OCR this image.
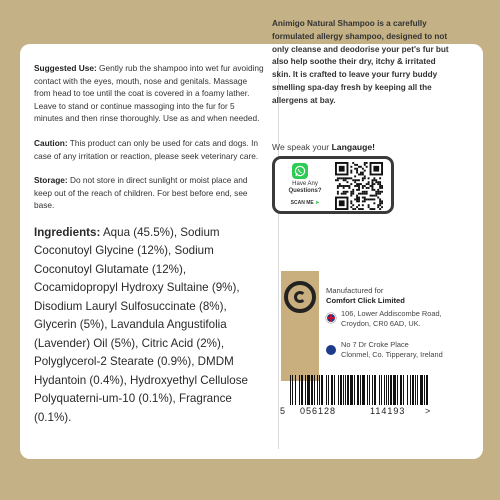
Suggested Use: Gently rub the shampoo into wet fur avoiding contact with the eyes, mouth, nose and genitals. Massage from head to toe until the coat is covered in a foamy lather. Leave to stand or continue massoging into the fur for 5 minutes and then rinse thoroughly. Use as and when needed.

Caution: This product can only be used for cats and dogs. In case of any irritation or reaction, please seek veterinary care.

Storage: Do not store in direct sunlight or moist place and keep out of the reach of children. For best before end, see base.

Ingredients: Aqua (45.5%), Sodium Coconutoyl Glycine (12%), Sodium Coconutoyl Glutamate (12%), Cocamidopropyl Hydroxy Sultaine (9%), Disodium Lauryl Sulfosuccinate (8%), Glycerin (5%), Lavandula Angustifolia (Lavender) Oil (5%), Citric Acid (2%), Polyglycerol-2 Stearate (0.9%), DMDM Hydantoin (0.4%), Hydroxyethyl Cellulose Polyquaterni-um-10 (0.1%), Fragrance (0.1%).

Animigo Natural Shampoo is a carefully formulated allergy shampoo, designed to not only cleanse and deodorise your pet's fur but also help soothe their dry, itchy & irritated skin. It is crafted to leave your furry buddy smelling spa-day fresh by keeping all the allergens at bay.

We speak your Langauge!
Have Any
Questions?
SCAN ME ➤
Manufactured for
Comfort Click Limited
106, Lower Addiscombe Road,
Croydon, CR0 6AD, UK.
No 7 Dr Croke Place
Clonmel, Co. Tipperary, Ireland
5 056128	114193 >
